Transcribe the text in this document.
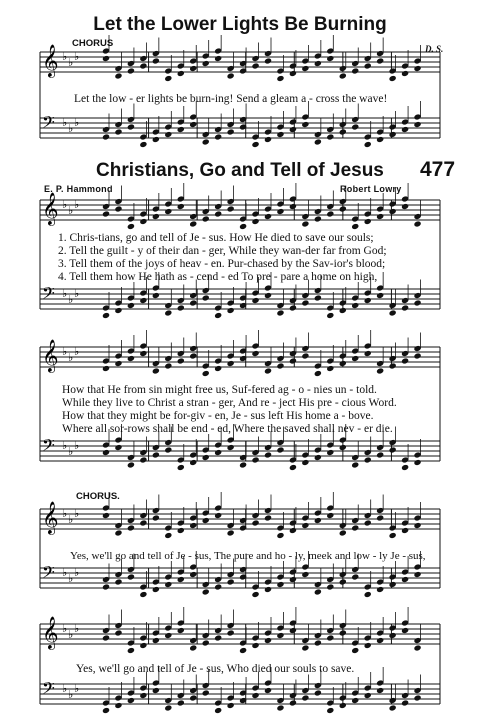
𝄞 ♭ ♭ ♭
𝄢 ♭ ♭ ♭
𝄞 ♭ ♭ ♭
𝄢 ♭ ♭ ♭
𝄞 ♭ ♭ ♭
𝄢 ♭ ♭ ♭
𝄞 ♭ ♭ ♭
𝄢 ♭ ♭ ♭
𝄞 ♭ ♭ ♭
𝄢 ♭ ♭ ♭
Let the Lower Lights Be Burning
CHORUS	D. S.
Let the low - er lights be burn-ing! Send a gleam a - cross the wave!
Christians, Go and Tell of Jesus 477
E. P. Hammond	Robert Lowry
1. Chris-tians, go and tell of Je - sus. How He died to save our souls;
2. Tell the guilt - y of their dan - ger, While they wan-der far from God;
3. Tell them of the joys of heav - en. Pur-chased by the Sav-ior's blood;
4. Tell them how He hath as - cend - ed To pre - pare a home on high,
How that He from sin might free us, Suf-fered ag - o - nies un - told.
While they live to Christ a stran - ger, And re - ject His pre - cious Word.
How that they might be for-giv - en, Je - sus left His home a - bove.
Where all sor-rows shall be end - ed, Where the saved shall nev - er die.
CHORUS.
Yes, we'll go and tell of Je - sus, The pure and ho - ly, meek and low - ly Je - sus,
Yes, we'll go and tell of Je - sus, Who died our souls to save.
